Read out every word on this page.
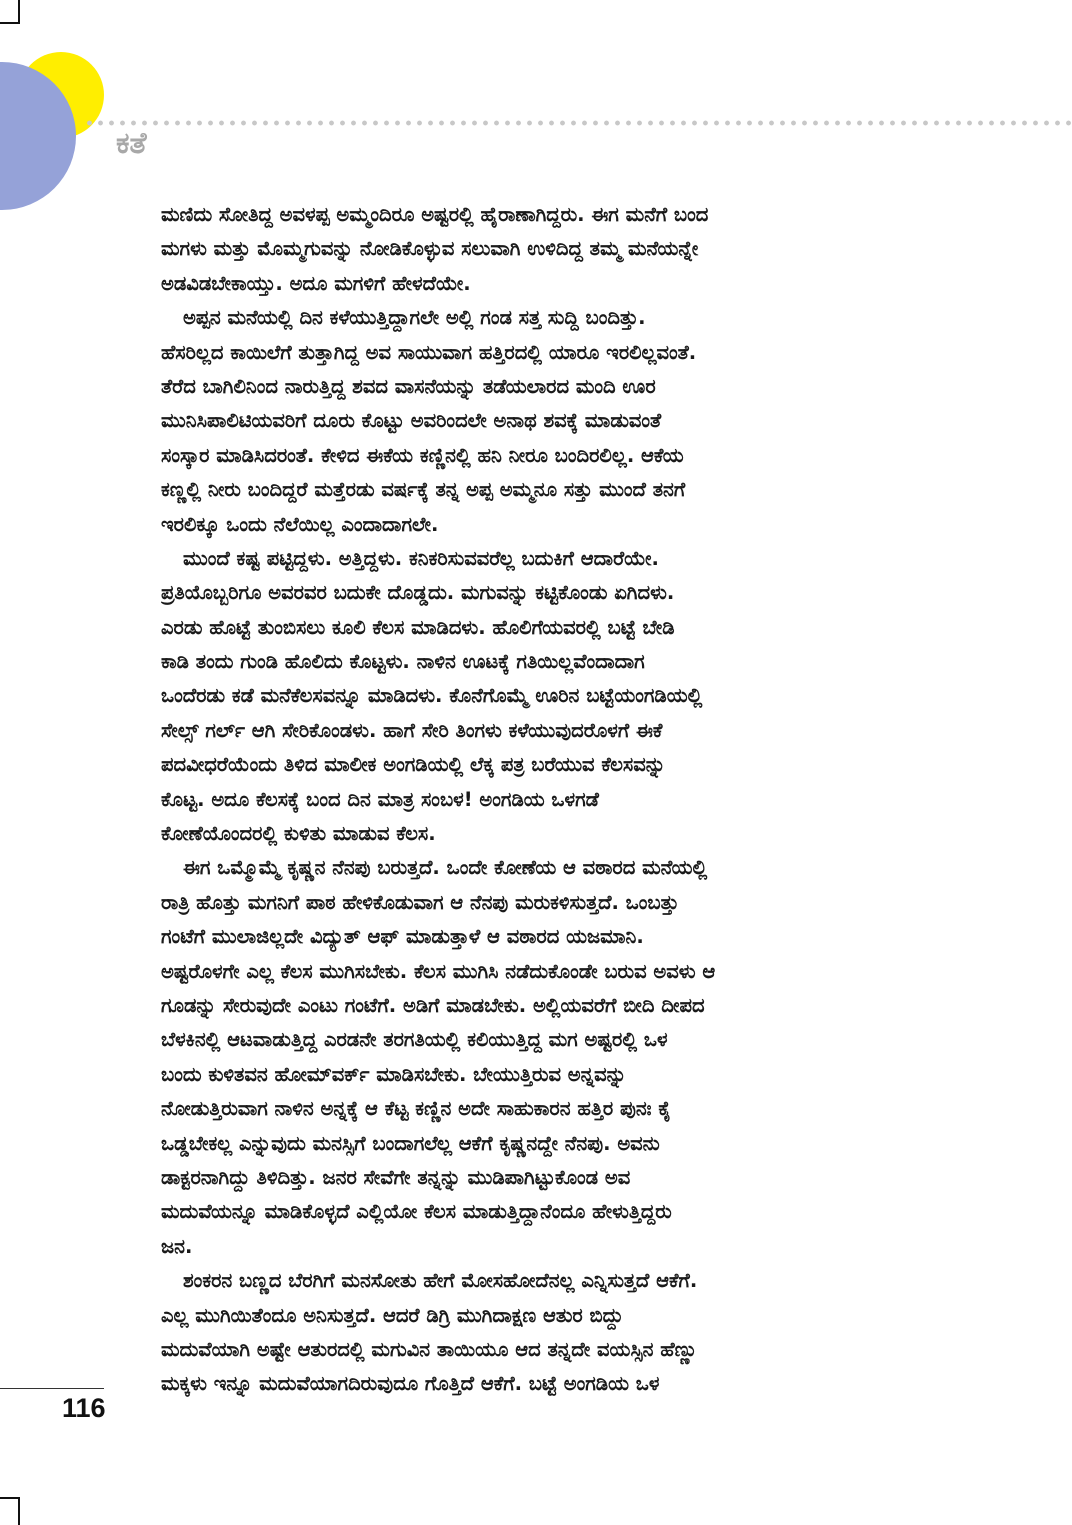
ಕತೆ
ಮಣಿದು ಸೋತಿದ್ದ ಅವಳಪ್ಪ ಅಮ್ಮಂದಿರೂ ಅಷ್ಟರಲ್ಲಿ ಹೈರಾಣಾಗಿದ್ದರು. ಈಗ ಮನೆಗೆ ಬಂದ
ಮಗಳು ಮತ್ತು ಮೊಮ್ಮಗುವನ್ನು ನೋಡಿಕೊಳ್ಳುವ ಸಲುವಾಗಿ ಉಳಿದಿದ್ದ ತಮ್ಮ ಮನೆಯನ್ನೇ
ಅಡವಿಡಬೇಕಾಯ್ತು. ಅದೂ ಮಗಳಿಗೆ ಹೇಳದೆಯೇ.
ಅಪ್ಪನ ಮನೆಯಲ್ಲಿ ದಿನ ಕಳೆಯುತ್ತಿದ್ದಾಗಲೇ ಅಲ್ಲಿ ಗಂಡ ಸತ್ತ ಸುದ್ದಿ ಬಂದಿತ್ತು.
ಹೆಸರಿಲ್ಲದ ಕಾಯಿಲೆಗೆ ತುತ್ತಾಗಿದ್ದ ಅವ ಸಾಯುವಾಗ ಹತ್ತಿರದಲ್ಲಿ ಯಾರೂ ಇರಲಿಲ್ಲವಂತೆ.
ತೆರೆದ ಬಾಗಿಲಿನಿಂದ ನಾರುತ್ತಿದ್ದ ಶವದ ವಾಸನೆಯನ್ನು ತಡೆಯಲಾರದ ಮಂದಿ ಊರ
ಮುನಿಸಿಪಾಲಿಟಿಯವರಿಗೆ ದೂರು ಕೊಟ್ಟು ಅವರಿಂದಲೇ ಅನಾಥ ಶವಕ್ಕೆ ಮಾಡುವಂತೆ
ಸಂಸ್ಕಾರ ಮಾಡಿಸಿದರಂತೆ. ಕೇಳಿದ ಈಕೆಯ ಕಣ್ಣಿನಲ್ಲಿ ಹನಿ ನೀರೂ ಬಂದಿರಲಿಲ್ಲ. ಆಕೆಯ
ಕಣ್ಣಲ್ಲಿ ನೀರು ಬಂದಿದ್ದರೆ ಮತ್ತೆರಡು ವರ್ಷಕ್ಕೆ ತನ್ನ ಅಪ್ಪ ಅಮ್ಮನೂ ಸತ್ತು ಮುಂದೆ ತನಗೆ
ಇರಲಿಕ್ಕೂ ಒಂದು ನೆಲೆಯಿಲ್ಲ ಎಂದಾದಾಗಲೇ.
ಮುಂದೆ ಕಷ್ಟ ಪಟ್ಟಿದ್ದಳು. ಅತ್ತಿದ್ದಳು. ಕನಿಕರಿಸುವವರೆಲ್ಲ ಬದುಕಿಗೆ ಆದಾರೆಯೇ.
ಪ್ರತಿಯೊಬ್ಬರಿಗೂ ಅವರವರ ಬದುಕೇ ದೊಡ್ಡದು. ಮಗುವನ್ನು ಕಟ್ಟಿಕೊಂಡು ಏಗಿದಳು.
ಎರಡು ಹೊಟ್ಟೆ ತುಂಬಿಸಲು ಕೂಲಿ ಕೆಲಸ ಮಾಡಿದಳು. ಹೊಲಿಗೆಯವರಲ್ಲಿ ಬಟ್ಟೆ ಬೇಡಿ
ಕಾಡಿ ತಂದು ಗುಂಡಿ ಹೊಲಿದು ಕೊಟ್ಟಳು. ನಾಳಿನ ಊಟಕ್ಕೆ ಗತಿಯಿಲ್ಲವೆಂದಾದಾಗ
ಒಂದೆರಡು ಕಡೆ ಮನೆಕೆಲಸವನ್ನೂ ಮಾಡಿದಳು. ಕೊನೆಗೊಮ್ಮೆ ಊರಿನ ಬಟ್ಟೆಯಂಗಡಿಯಲ್ಲಿ
ಸೇಲ್ಸ್ ಗರ್ಲ್ ಆಗಿ ಸೇರಿಕೊಂಡಳು. ಹಾಗೆ ಸೇರಿ ತಿಂಗಳು ಕಳೆಯುವುದರೊಳಗೆ ಈಕೆ
ಪದವೀಧರೆಯೆಂದು ತಿಳಿದ ಮಾಲೀಕ ಅಂಗಡಿಯಲ್ಲಿ ಲೆಕ್ಕ ಪತ್ರ ಬರೆಯುವ ಕೆಲಸವನ್ನು
ಕೊಟ್ಟ. ಅದೂ ಕೆಲಸಕ್ಕೆ ಬಂದ ದಿನ ಮಾತ್ರ ಸಂಬಳ! ಅಂಗಡಿಯ ಒಳಗಡೆ
ಕೋಣೆಯೊಂದರಲ್ಲಿ ಕುಳಿತು ಮಾಡುವ ಕೆಲಸ.
ಈಗ ಒಮ್ಮೊಮ್ಮೆ ಕೃಷ್ಣನ ನೆನಪು ಬರುತ್ತದೆ. ಒಂದೇ ಕೋಣೆಯ ಆ ವಠಾರದ ಮನೆಯಲ್ಲಿ
ರಾತ್ರಿ ಹೊತ್ತು ಮಗನಿಗೆ ಪಾಠ ಹೇಳಿಕೊಡುವಾಗ ಆ ನೆನಪು ಮರುಕಳಿಸುತ್ತದೆ. ಒಂಬತ್ತು
ಗಂಟೆಗೆ ಮುಲಾಜಿಲ್ಲದೇ ವಿದ್ಯುತ್ ಆಫ್ ಮಾಡುತ್ತಾಳೆ ಆ ವಠಾರದ ಯಜಮಾನಿ.
ಅಷ್ಟರೊಳಗೇ ಎಲ್ಲ ಕೆಲಸ ಮುಗಿಸಬೇಕು. ಕೆಲಸ ಮುಗಿಸಿ ನಡೆದುಕೊಂಡೇ ಬರುವ ಅವಳು ಆ
ಗೂಡನ್ನು ಸೇರುವುದೇ ಎಂಟು ಗಂಟೆಗೆ. ಅಡಿಗೆ ಮಾಡಬೇಕು. ಅಲ್ಲಿಯವರೆಗೆ ಬೀದಿ ದೀಪದ
ಬೆಳಕಿನಲ್ಲಿ ಆಟವಾಡುತ್ತಿದ್ದ ಎರಡನೇ ತರಗತಿಯಲ್ಲಿ ಕಲಿಯುತ್ತಿದ್ದ ಮಗ ಅಷ್ಟರಲ್ಲಿ ಒಳ
ಬಂದು ಕುಳಿತವನ ಹೋಮ್‌ವರ್ಕ್ ಮಾಡಿಸಬೇಕು. ಬೇಯುತ್ತಿರುವ ಅನ್ನವನ್ನು
ನೋಡುತ್ತಿರುವಾಗ ನಾಳಿನ ಅನ್ನಕ್ಕೆ ಆ ಕೆಟ್ಟ ಕಣ್ಣಿನ ಅದೇ ಸಾಹುಕಾರನ ಹತ್ತಿರ ಪುನಃ ಕೈ
ಒಡ್ಡಬೇಕಲ್ಲ ಎನ್ನುವುದು ಮನಸ್ಸಿಗೆ ಬಂದಾಗಲೆಲ್ಲ ಆಕೆಗೆ ಕೃಷ್ಣನದ್ದೇ ನೆನಪು. ಅವನು
ಡಾಕ್ಟರನಾಗಿದ್ದು ತಿಳಿದಿತ್ತು. ಜನರ ಸೇವೆಗೇ ತನ್ನನ್ನು ಮುಡಿಪಾಗಿಟ್ಟುಕೊಂಡ ಅವ
ಮದುವೆಯನ್ನೂ ಮಾಡಿಕೊಳ್ಳದೆ ಎಲ್ಲಿಯೋ ಕೆಲಸ ಮಾಡುತ್ತಿದ್ದಾನೆಂದೂ ಹೇಳುತ್ತಿದ್ದರು
ಜನ.
ಶಂಕರನ ಬಣ್ಣದ ಬೆರಗಿಗೆ ಮನಸೋತು ಹೇಗೆ ಮೋಸಹೋದೆನಲ್ಲ ಎನ್ನಿಸುತ್ತದೆ ಆಕೆಗೆ.
ಎಲ್ಲ ಮುಗಿಯಿತೆಂದೂ ಅನಿಸುತ್ತದೆ. ಆದರೆ ಡಿಗ್ರಿ ಮುಗಿದಾಕ್ಷಣ ಆತುರ ಬಿದ್ದು
ಮದುವೆಯಾಗಿ ಅಷ್ಟೇ ಆತುರದಲ್ಲಿ ಮಗುವಿನ ತಾಯಿಯೂ ಆದ ತನ್ನದೇ ವಯಸ್ಸಿನ ಹೆಣ್ಣು
ಮಕ್ಕಳು ಇನ್ನೂ ಮದುವೆಯಾಗದಿರುವುದೂ ಗೊತ್ತಿದೆ ಆಕೆಗೆ. ಬಟ್ಟೆ ಅಂಗಡಿಯ ಒಳ
116
